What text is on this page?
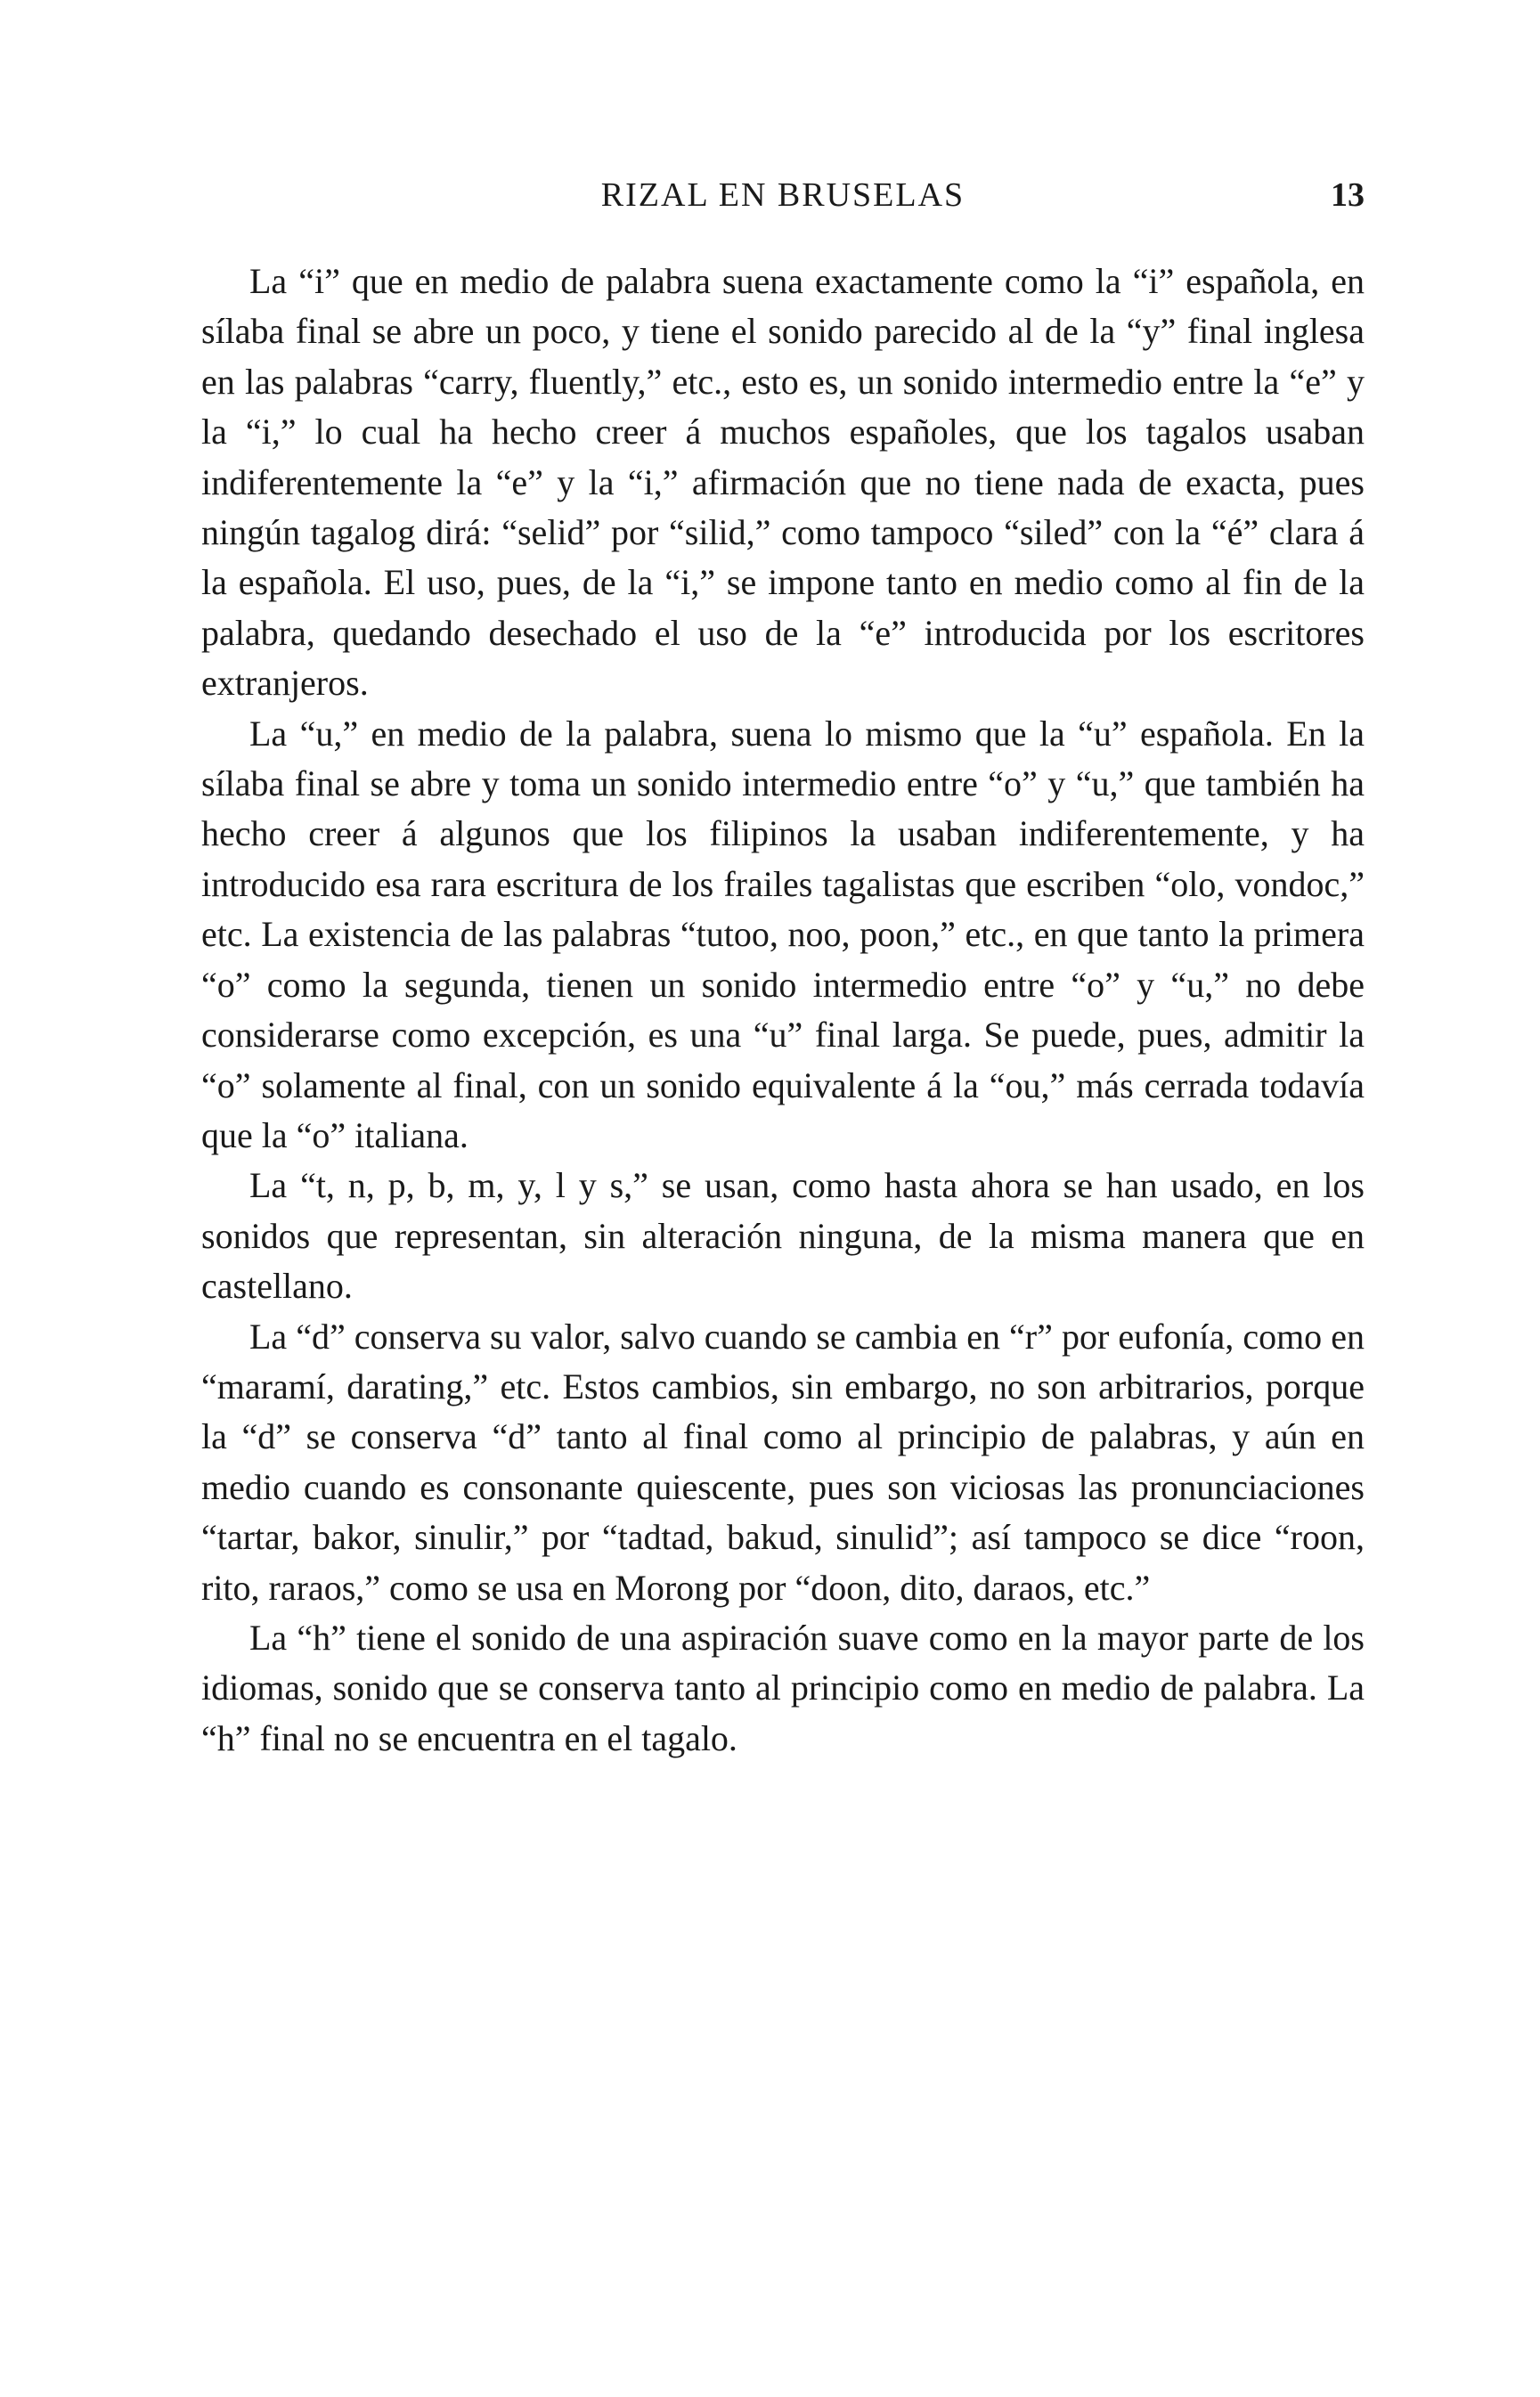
RIZAL EN BRUSELAS	13

La “i” que en medio de palabra suena exactamente como la “i” española, en sílaba final se abre un poco, y tiene el sonido parecido al de la “y” final inglesa en las palabras “carry, fluently,” etc., esto es, un sonido intermedio entre la “e” y la “i,” lo cual ha hecho creer á muchos españoles, que los tagalos usaban indiferentemente la “e” y la “i,” afirmación que no tiene nada de exacta, pues ningún tagalog dirá: “selid” por “silid,” como tampoco “siled” con la “é” clara á la española. El uso, pues, de la “i,” se impone tanto en medio como al fin de la palabra, quedando desechado el uso de la “e” introducida por los escritores extranjeros.

La “u,” en medio de la palabra, suena lo mismo que la “u” española. En la sílaba final se abre y toma un sonido intermedio entre “o” y “u,” que también ha hecho creer á algunos que los filipinos la usaban indiferentemente, y ha introducido esa rara escritura de los frailes tagalistas que escriben “olo, vondoc,” etc. La existencia de las palabras “tutoo, noo, poon,” etc., en que tanto la primera “o” como la segunda, tienen un sonido intermedio entre “o” y “u,” no debe considerarse como excepción, es una “u” final larga. Se puede, pues, admitir la “o” solamente al final, con un sonido equivalente á la “ou,” más cerrada todavía que la “o” italiana.

La “t, n, p, b, m, y, l y s,” se usan, como hasta ahora se han usado, en los sonidos que representan, sin alteración ninguna, de la misma manera que en castellano.

La “d” conserva su valor, salvo cuando se cambia en “r” por eufonía, como en “maramí, darating,” etc. Estos cambios, sin embargo, no son arbitrarios, porque la “d” se conserva “d” tanto al final como al principio de palabras, y aún en medio cuando es consonante quiescente, pues son viciosas las pronunciaciones “tartar, bakor, sinulir,” por “tadtad, bakud, sinulid”; así tampoco se dice “roon, rito, raraos,” como se usa en Morong por “doon, dito, daraos, etc.”

La “h” tiene el sonido de una aspiración suave como en la mayor parte de los idiomas, sonido que se conserva tanto al principio como en medio de palabra. La “h” final no se encuentra en el tagalo.
